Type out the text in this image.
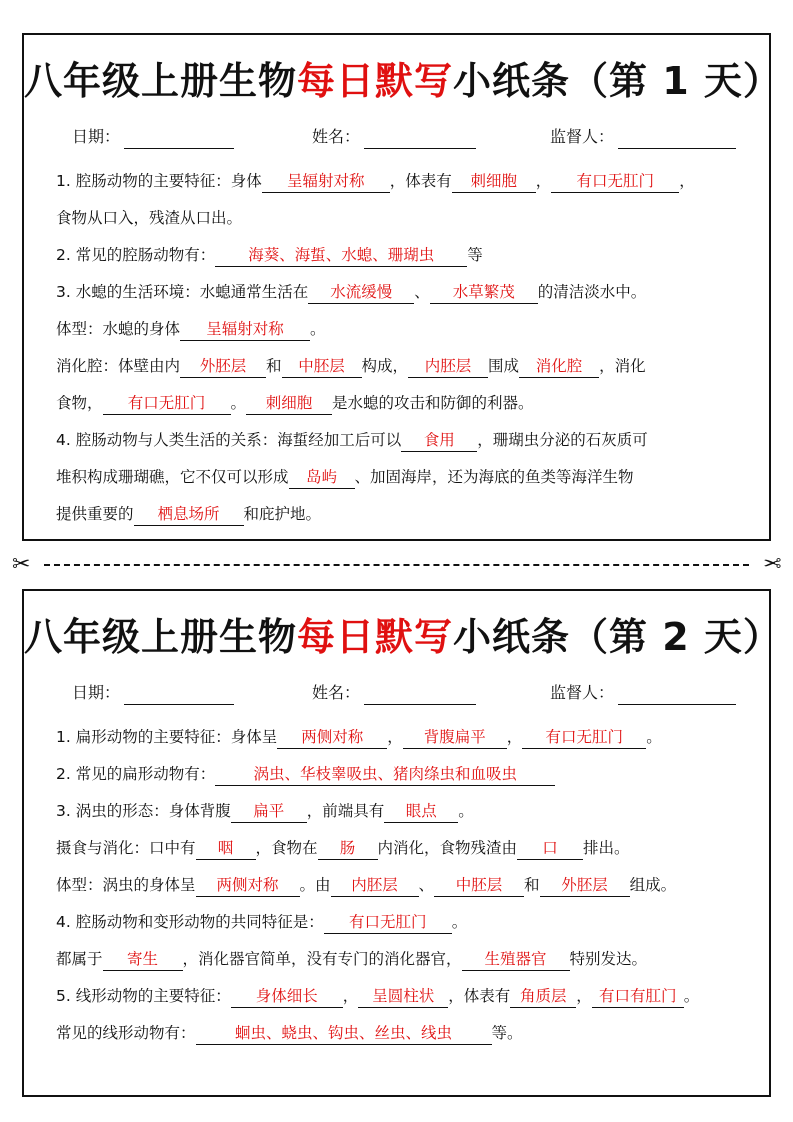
八年级上册生物每日默写小纸条（第 1 天）
日期：	姓名：	监督人：
1. 腔肠动物的主要特征：身体 呈辐射对称 ，体表有 刺细胞 ， 有口无肛门 ，
食物从口入，残渣从口出。
2. 常见的腔肠动物有： 海葵、海蜇、水螅、珊瑚虫 等
3. 水螅的生活环境：水螅通常生活在 水流缓慢 、 水草繁茂 的清洁淡水中。
体型：水螅的身体 呈辐射对称 。
消化腔：体壁由内 外胚层 和 中胚层 构成， 内胚层 围成 消化腔 ，消化
食物， 有口无肛门 。 刺细胞 是水螅的攻击和防御的利器。
4. 腔肠动物与人类生活的关系：海蜇经加工后可以 食用 ，珊瑚虫分泌的石灰质可
堆积构成珊瑚礁，它不仅可以形成 岛屿 、加固海岸，还为海底的鱼类等海洋生物
提供重要的 栖息场所 和庇护地。
✂	✂
八年级上册生物每日默写小纸条（第 2 天）
日期：	姓名：	监督人：
1. 扁形动物的主要特征：身体呈 两侧对称 ， 背腹扁平 ， 有口无肛门 。
2. 常见的扁形动物有： 涡虫、华枝睾吸虫、猪肉绦虫和血吸虫
3. 涡虫的形态：身体背腹 扁平 ，前端具有 眼点 。
摄食与消化：口中有 咽 ，食物在 肠 内消化，食物残渣由 口 排出。
体型：涡虫的身体呈 两侧对称 。由 内胚层 、 中胚层 和 外胚层 组成。
4. 腔肠动物和变形动物的共同特征是： 有口无肛门 。
都属于 寄生 ，消化器官简单，没有专门的消化器官， 生殖器官 特别发达。
5. 线形动物的主要特征： 身体细长 ， 呈圆柱状 ，体表有 角质层 ， 有口有肛门 。
常见的线形动物有：	蛔虫、蛲虫、钩虫、丝虫、线虫	等。
